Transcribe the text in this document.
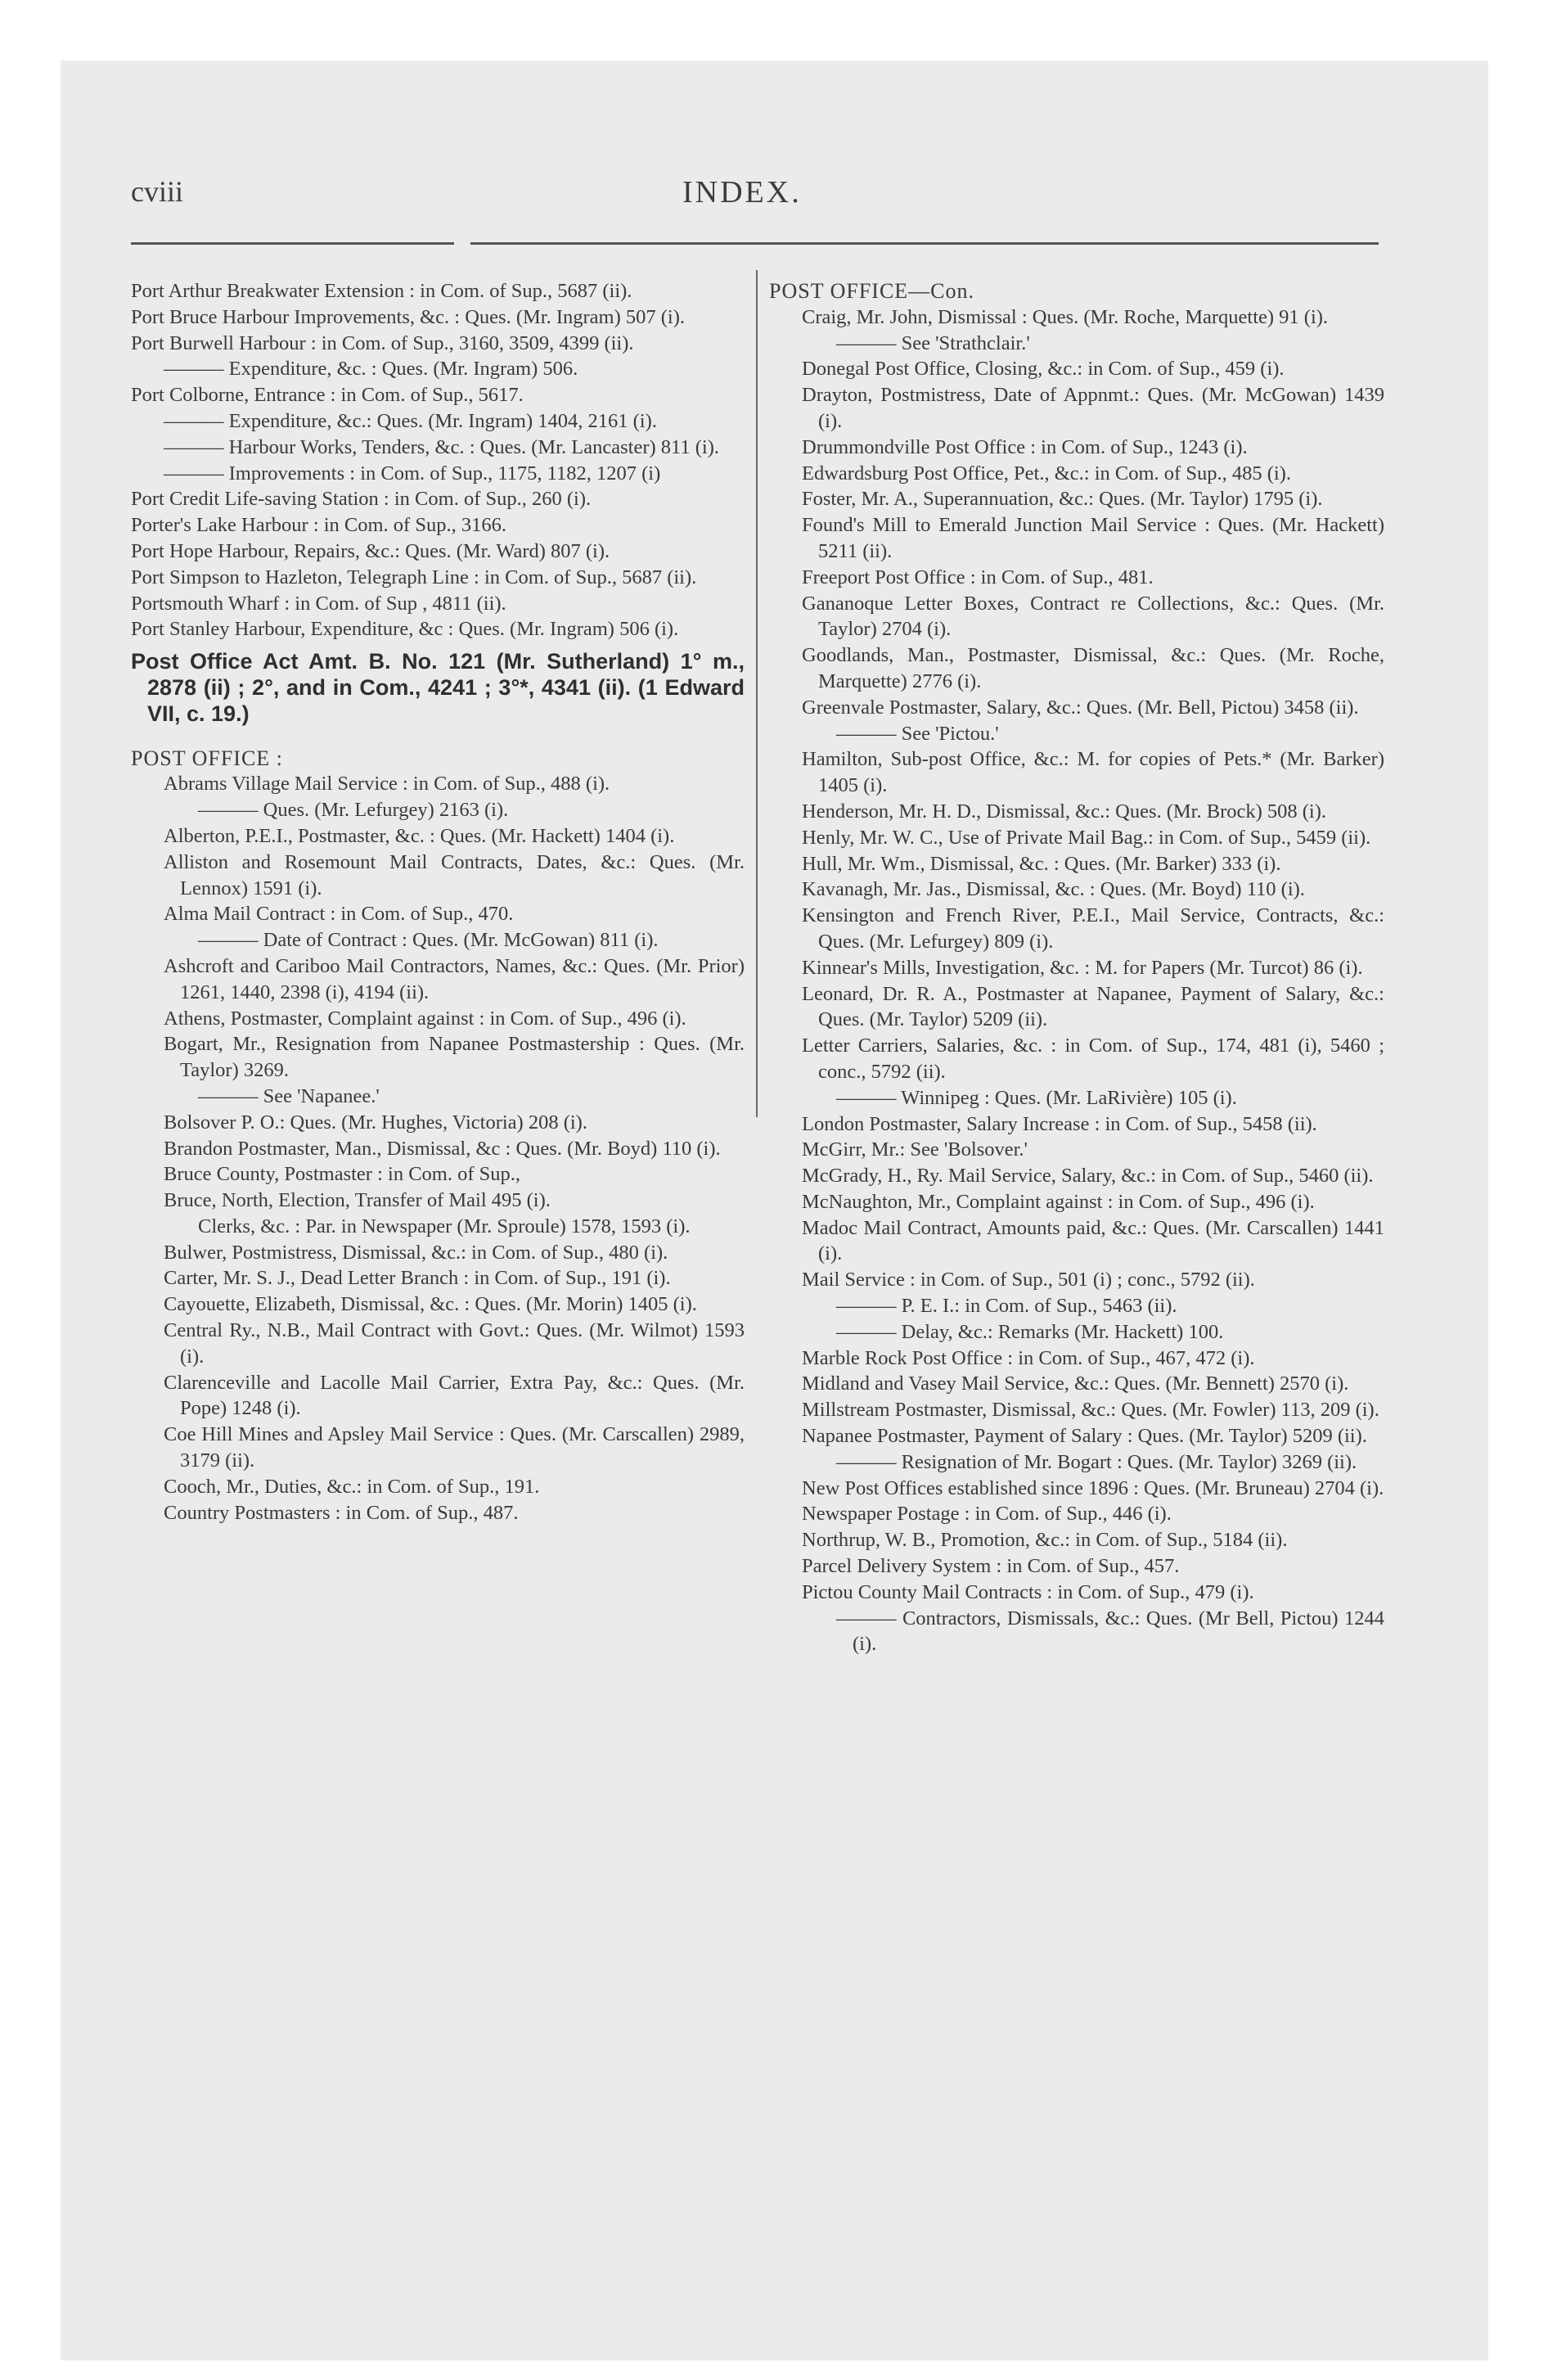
cviii	INDEX.
Port Arthur Breakwater Extension : in Com. of Sup., 5687 (ii).
Port Bruce Harbour Improvements, &c. : Ques. (Mr. Ingram) 507 (i).
Port Burwell Harbour : in Com. of Sup., 3160, 3509, 4399 (ii).
——— Expenditure, &c. : Ques. (Mr. Ingram) 506.
Port Colborne, Entrance : in Com. of Sup., 5617.
——— Expenditure, &c.: Ques. (Mr. Ingram) 1404, 2161 (i).
——— Harbour Works, Tenders, &c. : Ques. (Mr. Lancaster) 811 (i).
——— Improvements : in Com. of Sup., 1175, 1182, 1207 (i)
Port Credit Life-saving Station : in Com. of Sup., 260 (i).
Porter's Lake Harbour : in Com. of Sup., 3166.
Port Hope Harbour, Repairs, &c.: Ques. (Mr. Ward) 807 (i).
Port Simpson to Hazleton, Telegraph Line : in Com. of Sup., 5687 (ii).
Portsmouth Wharf : in Com. of Sup , 4811 (ii).
Port Stanley Harbour, Expenditure, &c : Ques. (Mr. Ingram) 506 (i).
Post Office Act Amt. B. No. 121 (Mr. Sutherland) 1° m., 2878 (ii) ; 2°, and in Com., 4241 ; 3°*, 4341 (ii). (1 Edward VII, c. 19.)
POST OFFICE :
Abrams Village Mail Service : in Com. of Sup., 488 (i).
——— Ques. (Mr. Lefurgey) 2163 (i).
Alberton, P.E.I., Postmaster, &c. : Ques. (Mr. Hackett) 1404 (i).
Alliston and Rosemount Mail Contracts, Dates, &c.: Ques. (Mr. Lennox) 1591 (i).
Alma Mail Contract : in Com. of Sup., 470.
——— Date of Contract : Ques. (Mr. McGowan) 811 (i).
Ashcroft and Cariboo Mail Contractors, Names, &c.: Ques. (Mr. Prior) 1261, 1440, 2398 (i), 4194 (ii).
Athens, Postmaster, Complaint against : in Com. of Sup., 496 (i).
Bogart, Mr., Resignation from Napanee Postmastership : Ques. (Mr. Taylor) 3269.
——— See 'Napanee.'
Bolsover P. O.: Ques. (Mr. Hughes, Victoria) 208 (i).
Brandon Postmaster, Man., Dismissal, &c : Ques. (Mr. Boyd) 110 (i).
Bruce County, Postmaster : in Com. of Sup.,
Bruce, North, Election, Transfer of Mail 495 (i).
Clerks, &c. : Par. in Newspaper (Mr. Sproule) 1578, 1593 (i).
Bulwer, Postmistress, Dismissal, &c.: in Com. of Sup., 480 (i).
Carter, Mr. S. J., Dead Letter Branch : in Com. of Sup., 191 (i).
Cayouette, Elizabeth, Dismissal, &c. : Ques. (Mr. Morin) 1405 (i).
Central Ry., N.B., Mail Contract with Govt.: Ques. (Mr. Wilmot) 1593 (i).
Clarenceville and Lacolle Mail Carrier, Extra Pay, &c.: Ques. (Mr. Pope) 1248 (i).
Coe Hill Mines and Apsley Mail Service : Ques. (Mr. Carscallen) 2989, 3179 (ii).
Cooch, Mr., Duties, &c.: in Com. of Sup., 191.
Country Postmasters : in Com. of Sup., 487.
POST OFFICE—Con.
Craig, Mr. John, Dismissal : Ques. (Mr. Roche, Marquette) 91 (i).
——— See 'Strathclair.'
Donegal Post Office, Closing, &c.: in Com. of Sup., 459 (i).
Drayton, Postmistress, Date of Appnmt.: Ques. (Mr. McGowan) 1439 (i).
Drummondville Post Office : in Com. of Sup., 1243 (i).
Edwardsburg Post Office, Pet., &c.: in Com. of Sup., 485 (i).
Foster, Mr. A., Superannuation, &c.: Ques. (Mr. Taylor) 1795 (i).
Found's Mill to Emerald Junction Mail Service : Ques. (Mr. Hackett) 5211 (ii).
Freeport Post Office : in Com. of Sup., 481.
Gananoque Letter Boxes, Contract re Collections, &c.: Ques. (Mr. Taylor) 2704 (i).
Goodlands, Man., Postmaster, Dismissal, &c.: Ques. (Mr. Roche, Marquette) 2776 (i).
Greenvale Postmaster, Salary, &c.: Ques. (Mr. Bell, Pictou) 3458 (ii).
——— See 'Pictou.'
Hamilton, Sub-post Office, &c.: M. for copies of Pets.* (Mr. Barker) 1405 (i).
Henderson, Mr. H. D., Dismissal, &c.: Ques. (Mr. Brock) 508 (i).
Henly, Mr. W. C., Use of Private Mail Bag.: in Com. of Sup., 5459 (ii).
Hull, Mr. Wm., Dismissal, &c. : Ques. (Mr. Barker) 333 (i).
Kavanagh, Mr. Jas., Dismissal, &c. : Ques. (Mr. Boyd) 110 (i).
Kensington and French River, P.E.I., Mail Service, Contracts, &c.: Ques. (Mr. Lefurgey) 809 (i).
Kinnear's Mills, Investigation, &c. : M. for Papers (Mr. Turcot) 86 (i).
Leonard, Dr. R. A., Postmaster at Napanee, Payment of Salary, &c.: Ques. (Mr. Taylor) 5209 (ii).
Letter Carriers, Salaries, &c. : in Com. of Sup., 174, 481 (i), 5460 ; conc., 5792 (ii).
——— Winnipeg : Ques. (Mr. LaRivière) 105 (i).
London Postmaster, Salary Increase : in Com. of Sup., 5458 (ii).
McGirr, Mr.: See 'Bolsover.'
McGrady, H., Ry. Mail Service, Salary, &c.: in Com. of Sup., 5460 (ii).
McNaughton, Mr., Complaint against : in Com. of Sup., 496 (i).
Madoc Mail Contract, Amounts paid, &c.: Ques. (Mr. Carscallen) 1441 (i).
Mail Service : in Com. of Sup., 501 (i) ; conc., 5792 (ii).
——— P. E. I.: in Com. of Sup., 5463 (ii).
——— Delay, &c.: Remarks (Mr. Hackett) 100.
Marble Rock Post Office : in Com. of Sup., 467, 472 (i).
Midland and Vasey Mail Service, &c.: Ques. (Mr. Bennett) 2570 (i).
Millstream Postmaster, Dismissal, &c.: Ques. (Mr. Fowler) 113, 209 (i).
Napanee Postmaster, Payment of Salary : Ques. (Mr. Taylor) 5209 (ii).
——— Resignation of Mr. Bogart : Ques. (Mr. Taylor) 3269 (ii).
New Post Offices established since 1896 : Ques. (Mr. Bruneau) 2704 (i).
Newspaper Postage : in Com. of Sup., 446 (i).
Northrup, W. B., Promotion, &c.: in Com. of Sup., 5184 (ii).
Parcel Delivery System : in Com. of Sup., 457.
Pictou County Mail Contracts : in Com. of Sup., 479 (i).
——— Contractors, Dismissals, &c.: Ques. (Mr Bell, Pictou) 1244 (i).
